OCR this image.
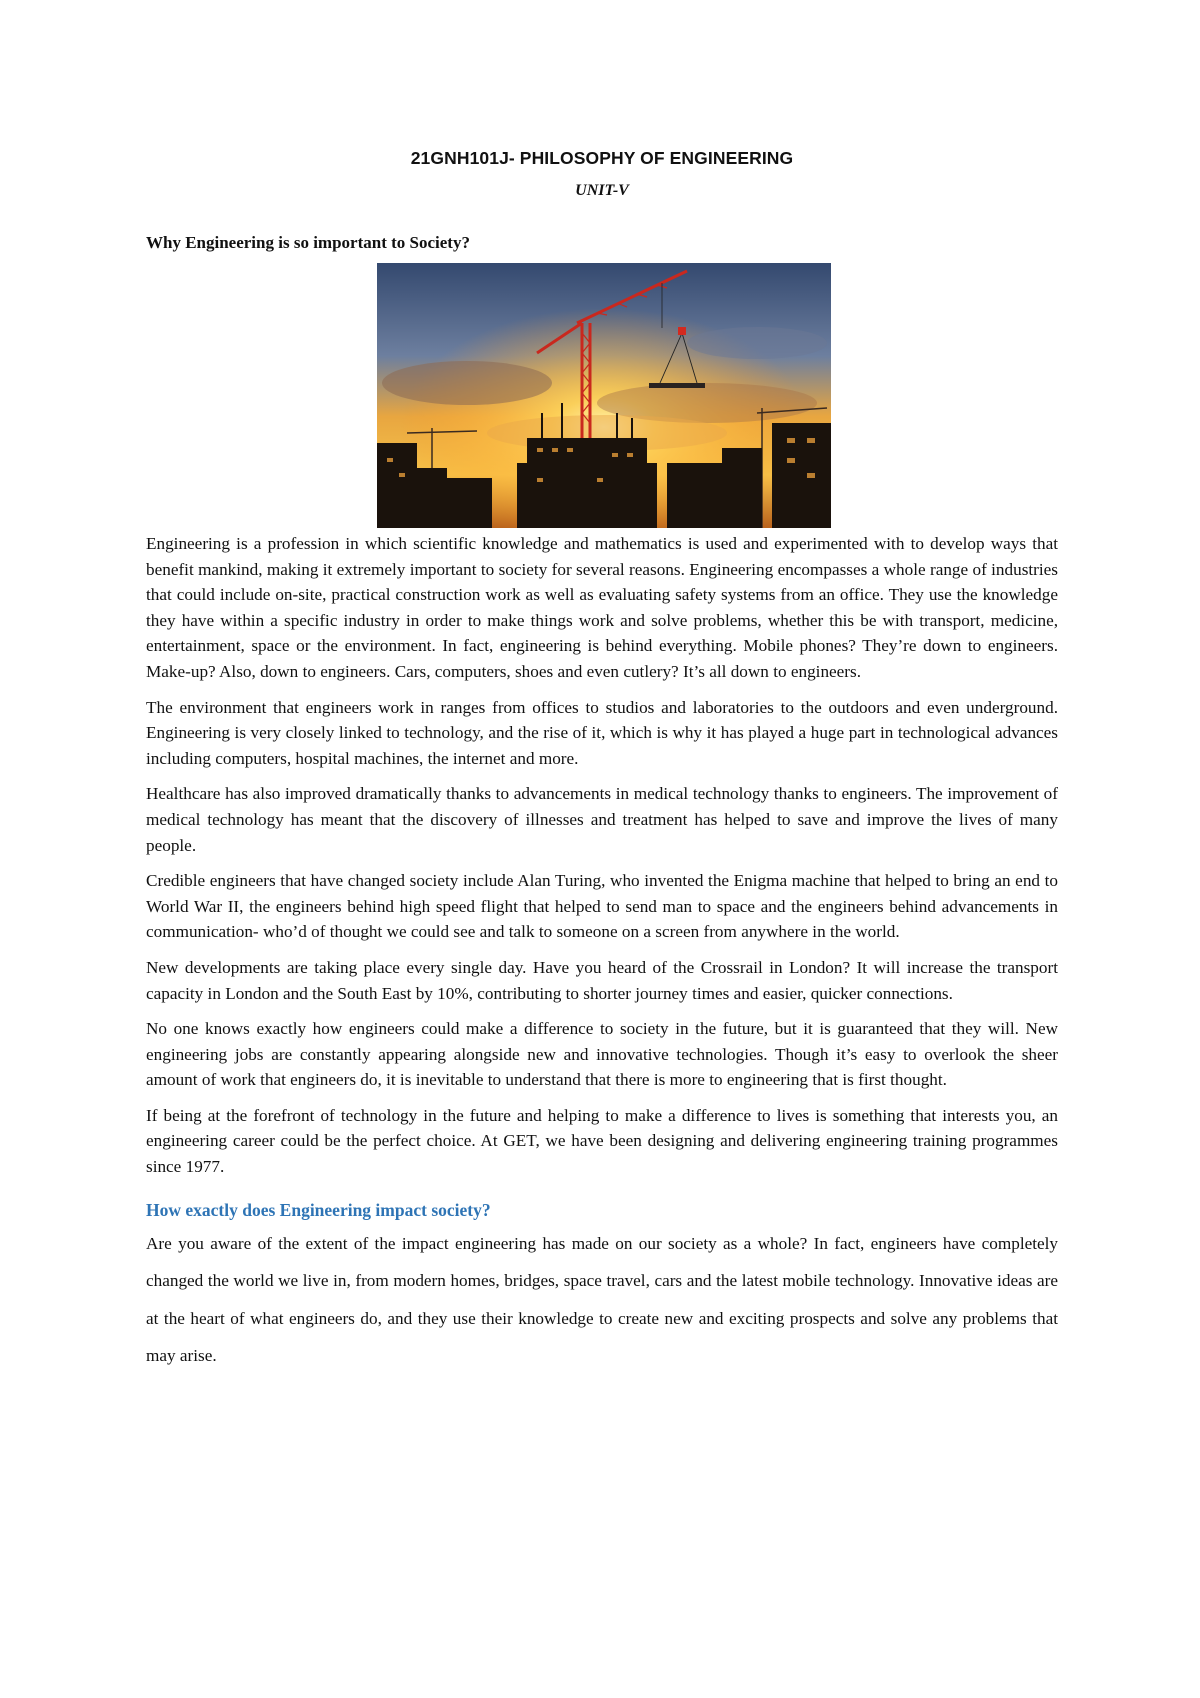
21GNH101J- PHILOSOPHY OF ENGINEERING
UNIT-V
Why Engineering is so important to Society?

Engineering is a profession in which scientific knowledge and mathematics is used and experimented with to develop ways that benefit mankind, making it extremely important to society for several reasons. Engineering encompasses a whole range of industries that could include on-site, practical construction work as well as evaluating safety systems from an office. They use the knowledge they have within a specific industry in order to make things work and solve problems, whether this be with transport, medicine, entertainment, space or the environment. In fact, engineering is behind everything. Mobile phones? They’re down to engineers. Make-up? Also, down to engineers. Cars, computers, shoes and even cutlery? It’s all down to engineers.

The environment that engineers work in ranges from offices to studios and laboratories to the outdoors and even underground. Engineering is very closely linked to technology, and the rise of it, which is why it has played a huge part in technological advances including computers, hospital machines, the internet and more.

Healthcare has also improved dramatically thanks to advancements in medical technology thanks to engineers. The improvement of medical technology has meant that the discovery of illnesses and treatment has helped to save and improve the lives of many people.

Credible engineers that have changed society include Alan Turing, who invented the Enigma machine that helped to bring an end to World War II, the engineers behind high speed flight that helped to send man to space and the engineers behind advancements in communication- who’d of thought we could see and talk to someone on a screen from anywhere in the world.

New developments are taking place every single day. Have you heard of the Crossrail in London? It will increase the transport capacity in London and the South East by 10%, contributing to shorter journey times and easier, quicker connections.

No one knows exactly how engineers could make a difference to society in the future, but it is guaranteed that they will. New engineering jobs are constantly appearing alongside new and innovative technologies. Though it’s easy to overlook the sheer amount of work that engineers do, it is inevitable to understand that there is more to engineering that is first thought.

If being at the forefront of technology in the future and helping to make a difference to lives is something that interests you, an engineering career could be the perfect choice. At GET, we have been designing and delivering engineering training programmes since 1977.

How exactly does Engineering impact society?

Are you aware of the extent of the impact engineering has made on our society as a whole? In fact, engineers have completely changed the world we live in, from modern homes, bridges, space travel, cars and the latest mobile technology. Innovative ideas are at the heart of what engineers do, and they use their knowledge to create new and exciting prospects and solve any problems that may arise.
